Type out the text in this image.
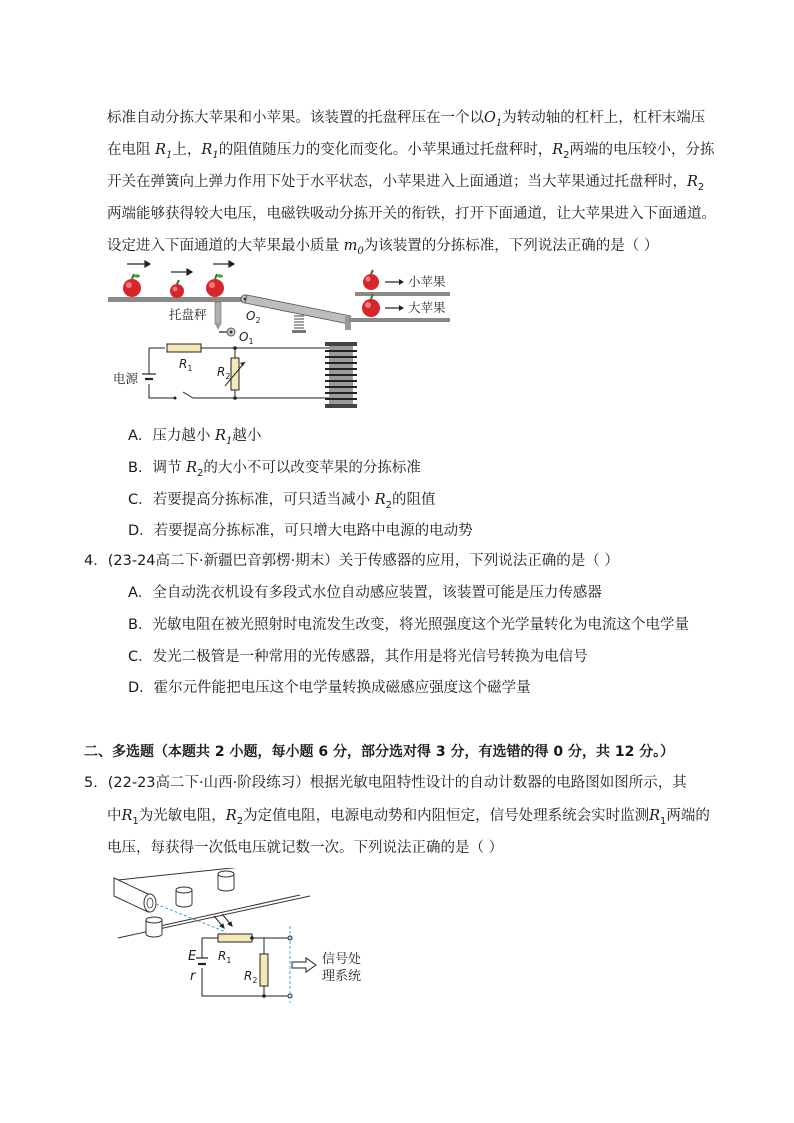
标准自动分拣大苹果和小苹果。该装置的托盘秤压在一个以$O_1$为转动轴的杠杆上，杠杆末端压
在电阻 $R_1$上，$R_1$的阻值随压力的变化而变化。小苹果通过托盘秤时，$R_2$两端的电压较小，分拣
开关在弹簧向上弹力作用下处于水平状态，小苹果进入上面通道；当大苹果通过托盘秤时，$R_2$
两端能够获得较大电压，电磁铁吸动分拣开关的衔铁，打开下面通道，让大苹果进入下面通道。
设定进入下面通道的大苹果最小质量 $m_0$为该装置的分拣标准，下列说法正确的是（ ）
托盘秤	$O_2$
$O_1$
小苹果
大苹果
$R_1$ $R_2$
电源
A．压力越小 $R_1$越小
B．调节 $R_2$的大小不可以改变苹果的分拣标准
C．若要提高分拣标准，可只适当减小 $R_2$的阻值
D．若要提高分拣标准，可只增大电路中电源的电动势
4．(23-24高二下·新疆巴音郭楞·期末）关于传感器的应用，下列说法正确的是（ ）
A．全自动洗衣机设有多段式水位自动感应装置，该装置可能是压力传感器
B．光敏电阻在被光照射时电流发生改变，将光照强度这个光学量转化为电流这个电学量
C．发光二极管是一种常用的光传感器，其作用是将光信号转换为电信号
D．霍尔元件能把电压这个电学量转换成磁感应强度这个磁学量
二、多选题（本题共 2 小题，每小题 6 分，部分选对得 3 分，有选错的得 0 分，共 12 分。）
5．(22-23高二下·山西·阶段练习）根据光敏电阻特性设计的自动计数器的电路图如图所示，其
中$R_1$为光敏电阻，$R_2$为定值电阻，电源电动势和内阻恒定，信号处理系统会实时监测$R_1$两端的
电压，每获得一次低电压就记数一次。下列说法正确的是（ ）
E
r
$R_1$
$R_2$
信号处
理系统
